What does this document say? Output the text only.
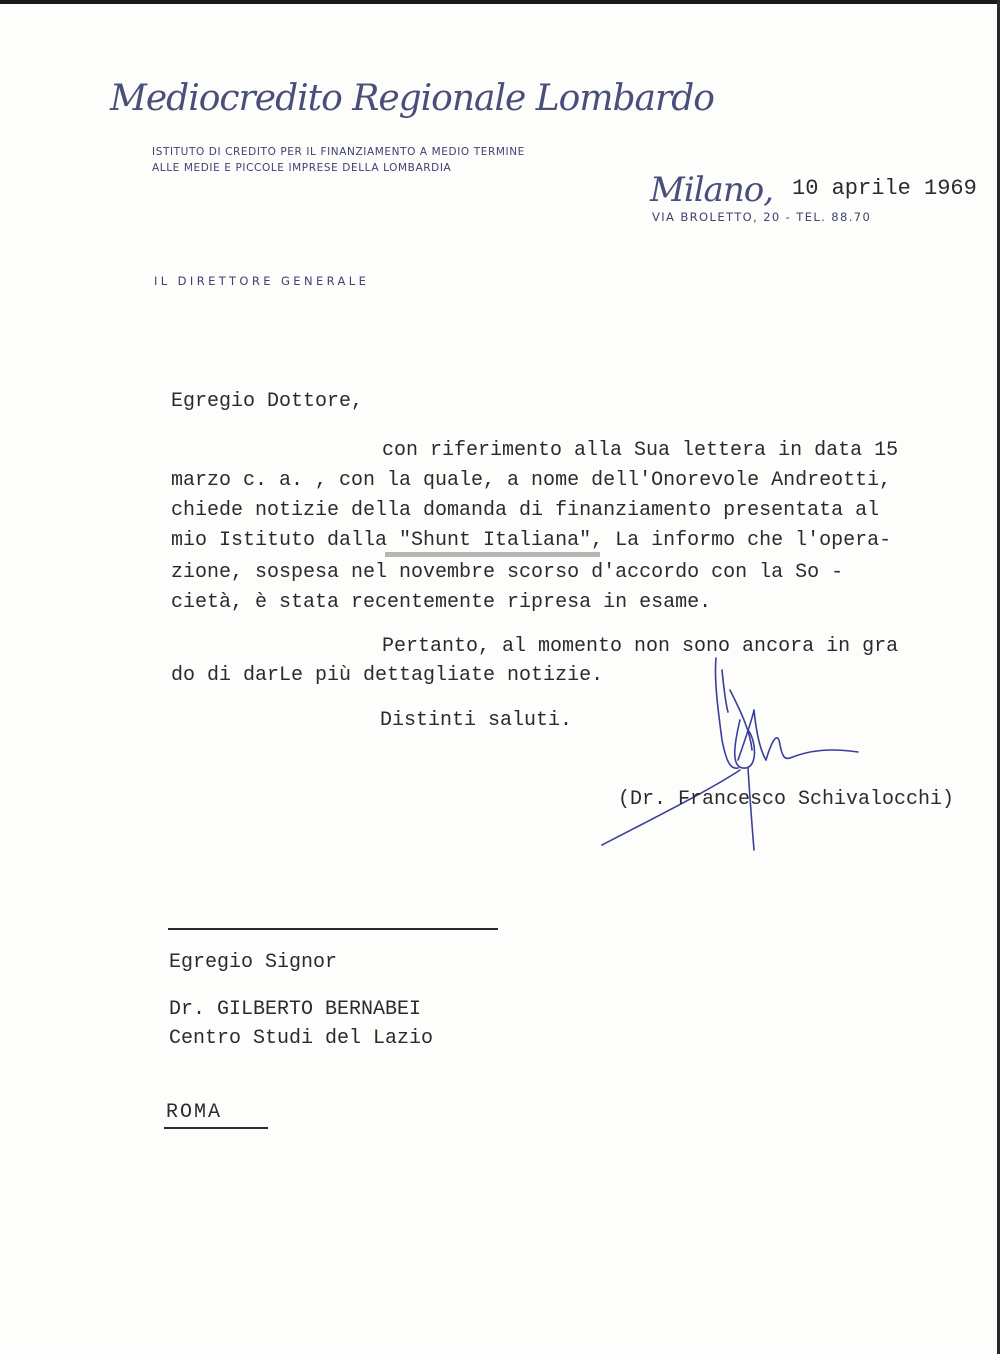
Mediocredito Regionale Lombardo
ISTITUTO DI CREDITO PER IL FINANZIAMENTO A MEDIO TERMINE
ALLE MEDIE E PICCOLE IMPRESE DELLA LOMBARDIA
Milano, 10 aprile 1969
VIA BROLETTO, 20 - TEL. 88.70
IL DIRETTORE GENERALE
Egregio Dottore,
con riferimento alla Sua lettera in data 15
marzo c. a. , con la quale, a nome dell'Onorevole Andreotti,
chiede notizie della domanda di finanziamento presentata al
mio Istituto dalla "Shunt Italiana", La informo che l'opera-
zione, sospesa nel novembre scorso d'accordo con la So -
cietà, è stata recentemente ripresa in esame.
Pertanto, al momento non sono ancora in gra
do di darLe più dettagliate notizie.
Distinti saluti.
(Dr. Francesco Schivalocchi)
Egregio Signor
Dr. GILBERTO BERNABEI
Centro Studi del Lazio
ROMA
